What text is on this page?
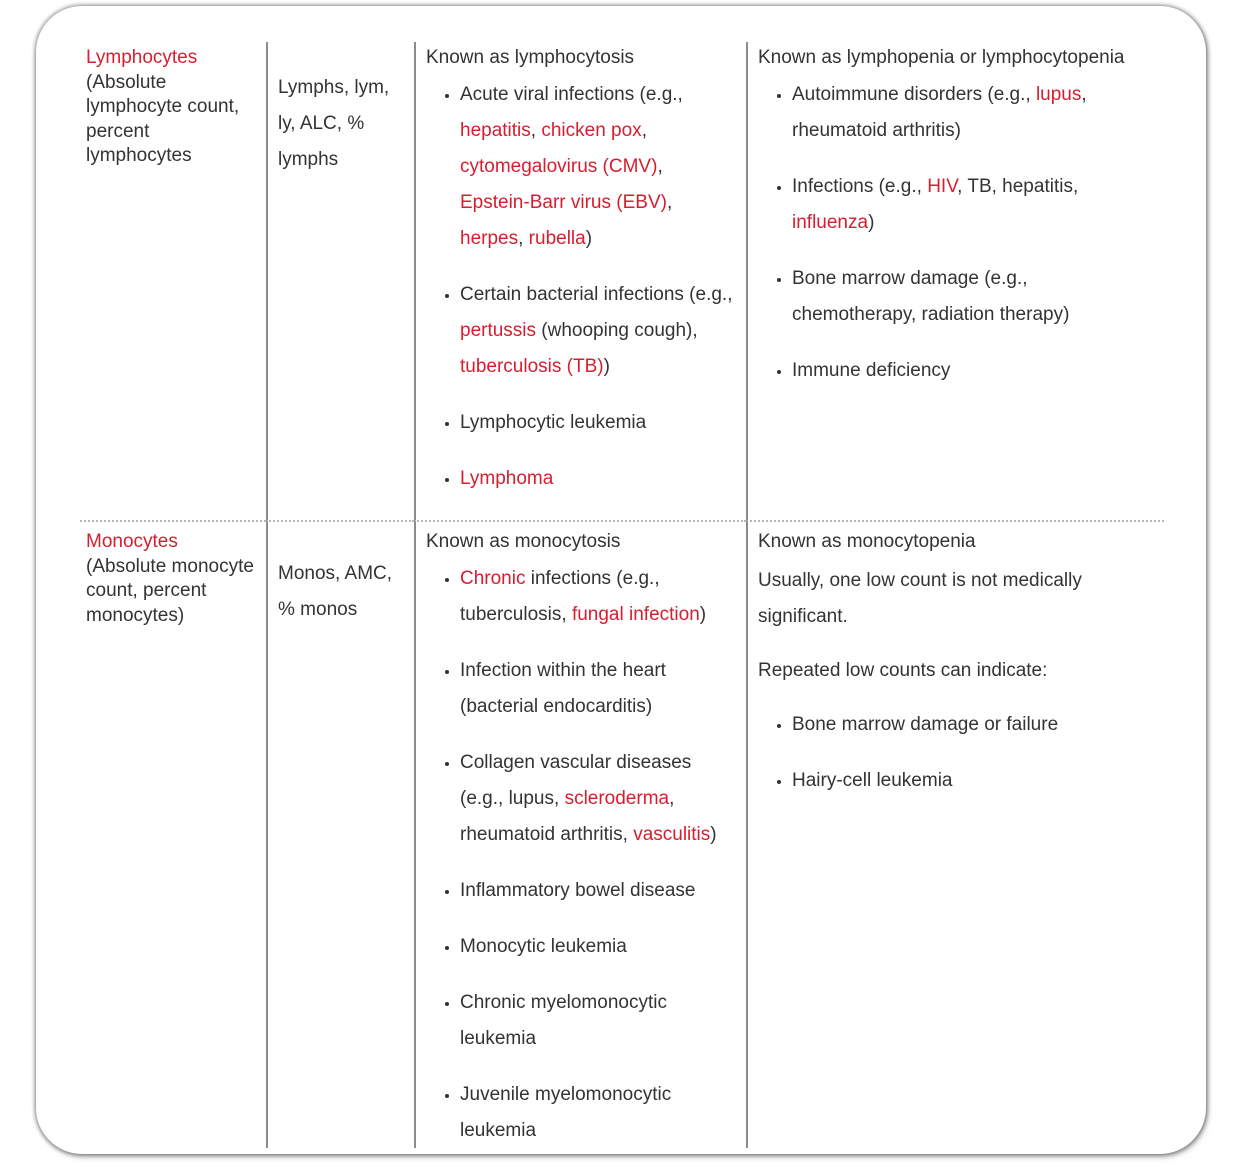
Lymphocytes
(Absolute lymphocyte count, percent lymphocytes
Lymphs, lym, ly, ALC, % lymphs
Known as lymphocytosis
• Acute viral infections (e.g., hepatitis, chicken pox, cytomegalovirus (CMV), Epstein-Barr virus (EBV), herpes, rubella)
• Certain bacterial infections (e.g., pertussis (whooping cough), tuberculosis (TB))
• Lymphocytic leukemia
• Lymphoma
Known as lymphopenia or lymphocytopenia
• Autoimmune disorders (e.g., lupus, rheumatoid arthritis)
• Infections (e.g., HIV, TB, hepatitis, influenza)
• Bone marrow damage (e.g., chemotherapy, radiation therapy)
• Immune deficiency
Monocytes
(Absolute monocyte count, percent monocytes)
Monos, AMC, % monos
Known as monocytosis
• Chronic infections (e.g., tuberculosis, fungal infection)
• Infection within the heart (bacterial endocarditis)
• Collagen vascular diseases (e.g., lupus, scleroderma, rheumatoid arthritis, vasculitis)
• Inflammatory bowel disease
• Monocytic leukemia
• Chronic myelomonocytic leukemia
• Juvenile myelomonocytic leukemia

Known as monocytopenia

Usually, one low count is not medically significant.

Repeated low counts can indicate:

• Bone marrow damage or failure
• Hairy-cell leukemia
